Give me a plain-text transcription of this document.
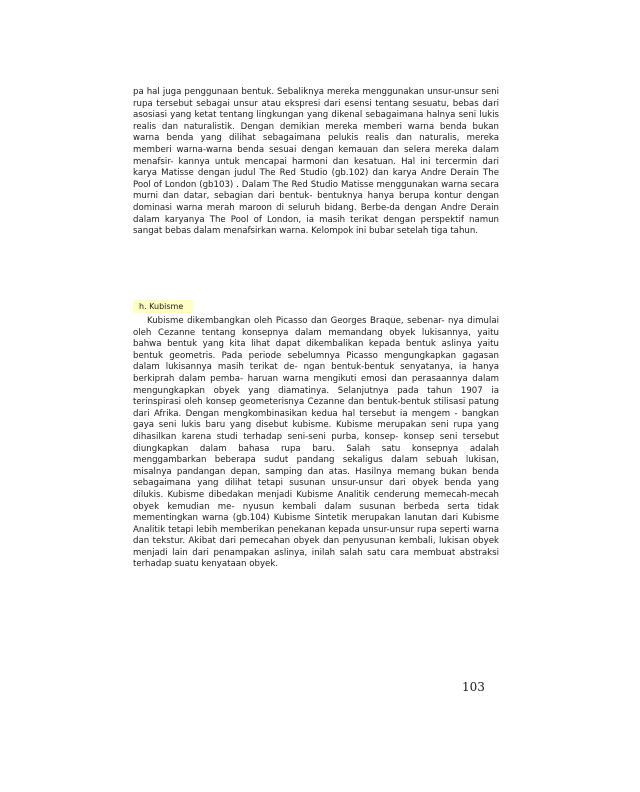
pa hal juga penggunaan bentuk. Sebaliknya mereka menggunakan unsur-unsur seni rupa tersebut sebagai unsur atau ekspresi dari esensi tentang sesuatu, bebas dari asosiasi yang ketat tentang lingkungan yang dikenal sebagaimana halnya seni lukis realis dan naturalistik. Dengan demikian mereka memberi warna benda bukan warna benda yang dilihat sebagaimana pelukis realis dan naturalis, mereka memberi warna-warna benda sesuai dengan kemauan dan selera mereka dalam menafsir- kannya untuk mencapai harmoni dan kesatuan. Hal ini tercermin dari karya Matisse dengan judul The Red Studio (gb.102) dan karya Andre Derain The Pool of London (gb103) . Dalam The Red Studio Matisse menggunakan warna secara murni dan datar, sebagian dari bentuk- bentuknya hanya berupa kontur dengan dominasi warna merah maroon di seluruh bidang. Berbe-da dengan Andre Derain dalam karyanya The Pool of London, ia masih terikat dengan perspektif namun sangat bebas dalam menafsirkan warna. Kelompok ini bubar setelah tiga tahun.

h. Kubisme

Kubisme dikembangkan oleh Picasso dan Georges Braque, sebenar- nya dimulai oleh Cezanne tentang konsepnya dalam memandang obyek lukisannya, yaitu bahwa bentuk yang kita lihat dapat dikembalikan kepada bentuk aslinya yaitu bentuk geometris. Pada periode sebelumnya Picasso mengungkapkan gagasan dalam lukisannya masih terikat de- ngan bentuk-bentuk senyatanya, ia hanya berkiprah dalam pemba- haruan warna mengikuti emosi dan perasaannya dalam mengungkapkan obyek yang diamatinya. Selanjutnya pada tahun 1907 ia terinspirasi oleh konsep geometerisnya Cezanne dan bentuk-bentuk stilisasi patung dari Afrika. Dengan mengkombinasikan kedua hal tersebut ia mengem - bangkan gaya seni lukis baru yang disebut kubisme. Kubisme merupakan seni rupa yang dihasilkan karena studi terhadap seni-seni purba, konsep- konsep seni tersebut diungkapkan dalam bahasa rupa baru. Salah satu konsepnya adalah menggambarkan beberapa sudut pandang sekaligus dalam sebuah lukisan, misalnya pandangan depan, samping dan atas. Hasilnya memang bukan benda sebagaimana yang dilihat tetapi susunan unsur-unsur dari obyek benda yang dilukis. Kubisme dibedakan menjadi Kubisme Analitik cenderung memecah-mecah obyek kemudian me- nyusun kembali dalam susunan berbeda serta tidak mementingkan warna (gb.104) Kubisme Sintetik merupakan lanutan dari Kubisme Analitik tetapi lebih memberikan penekanan kepada unsur-unsur rupa seperti warna dan tekstur. Akibat dari pemecahan obyek dan penyusunan kembali, lukisan obyek menjadi lain dari penampakan aslinya, inilah salah satu cara membuat abstraksi terhadap suatu kenyataan obyek.

103
